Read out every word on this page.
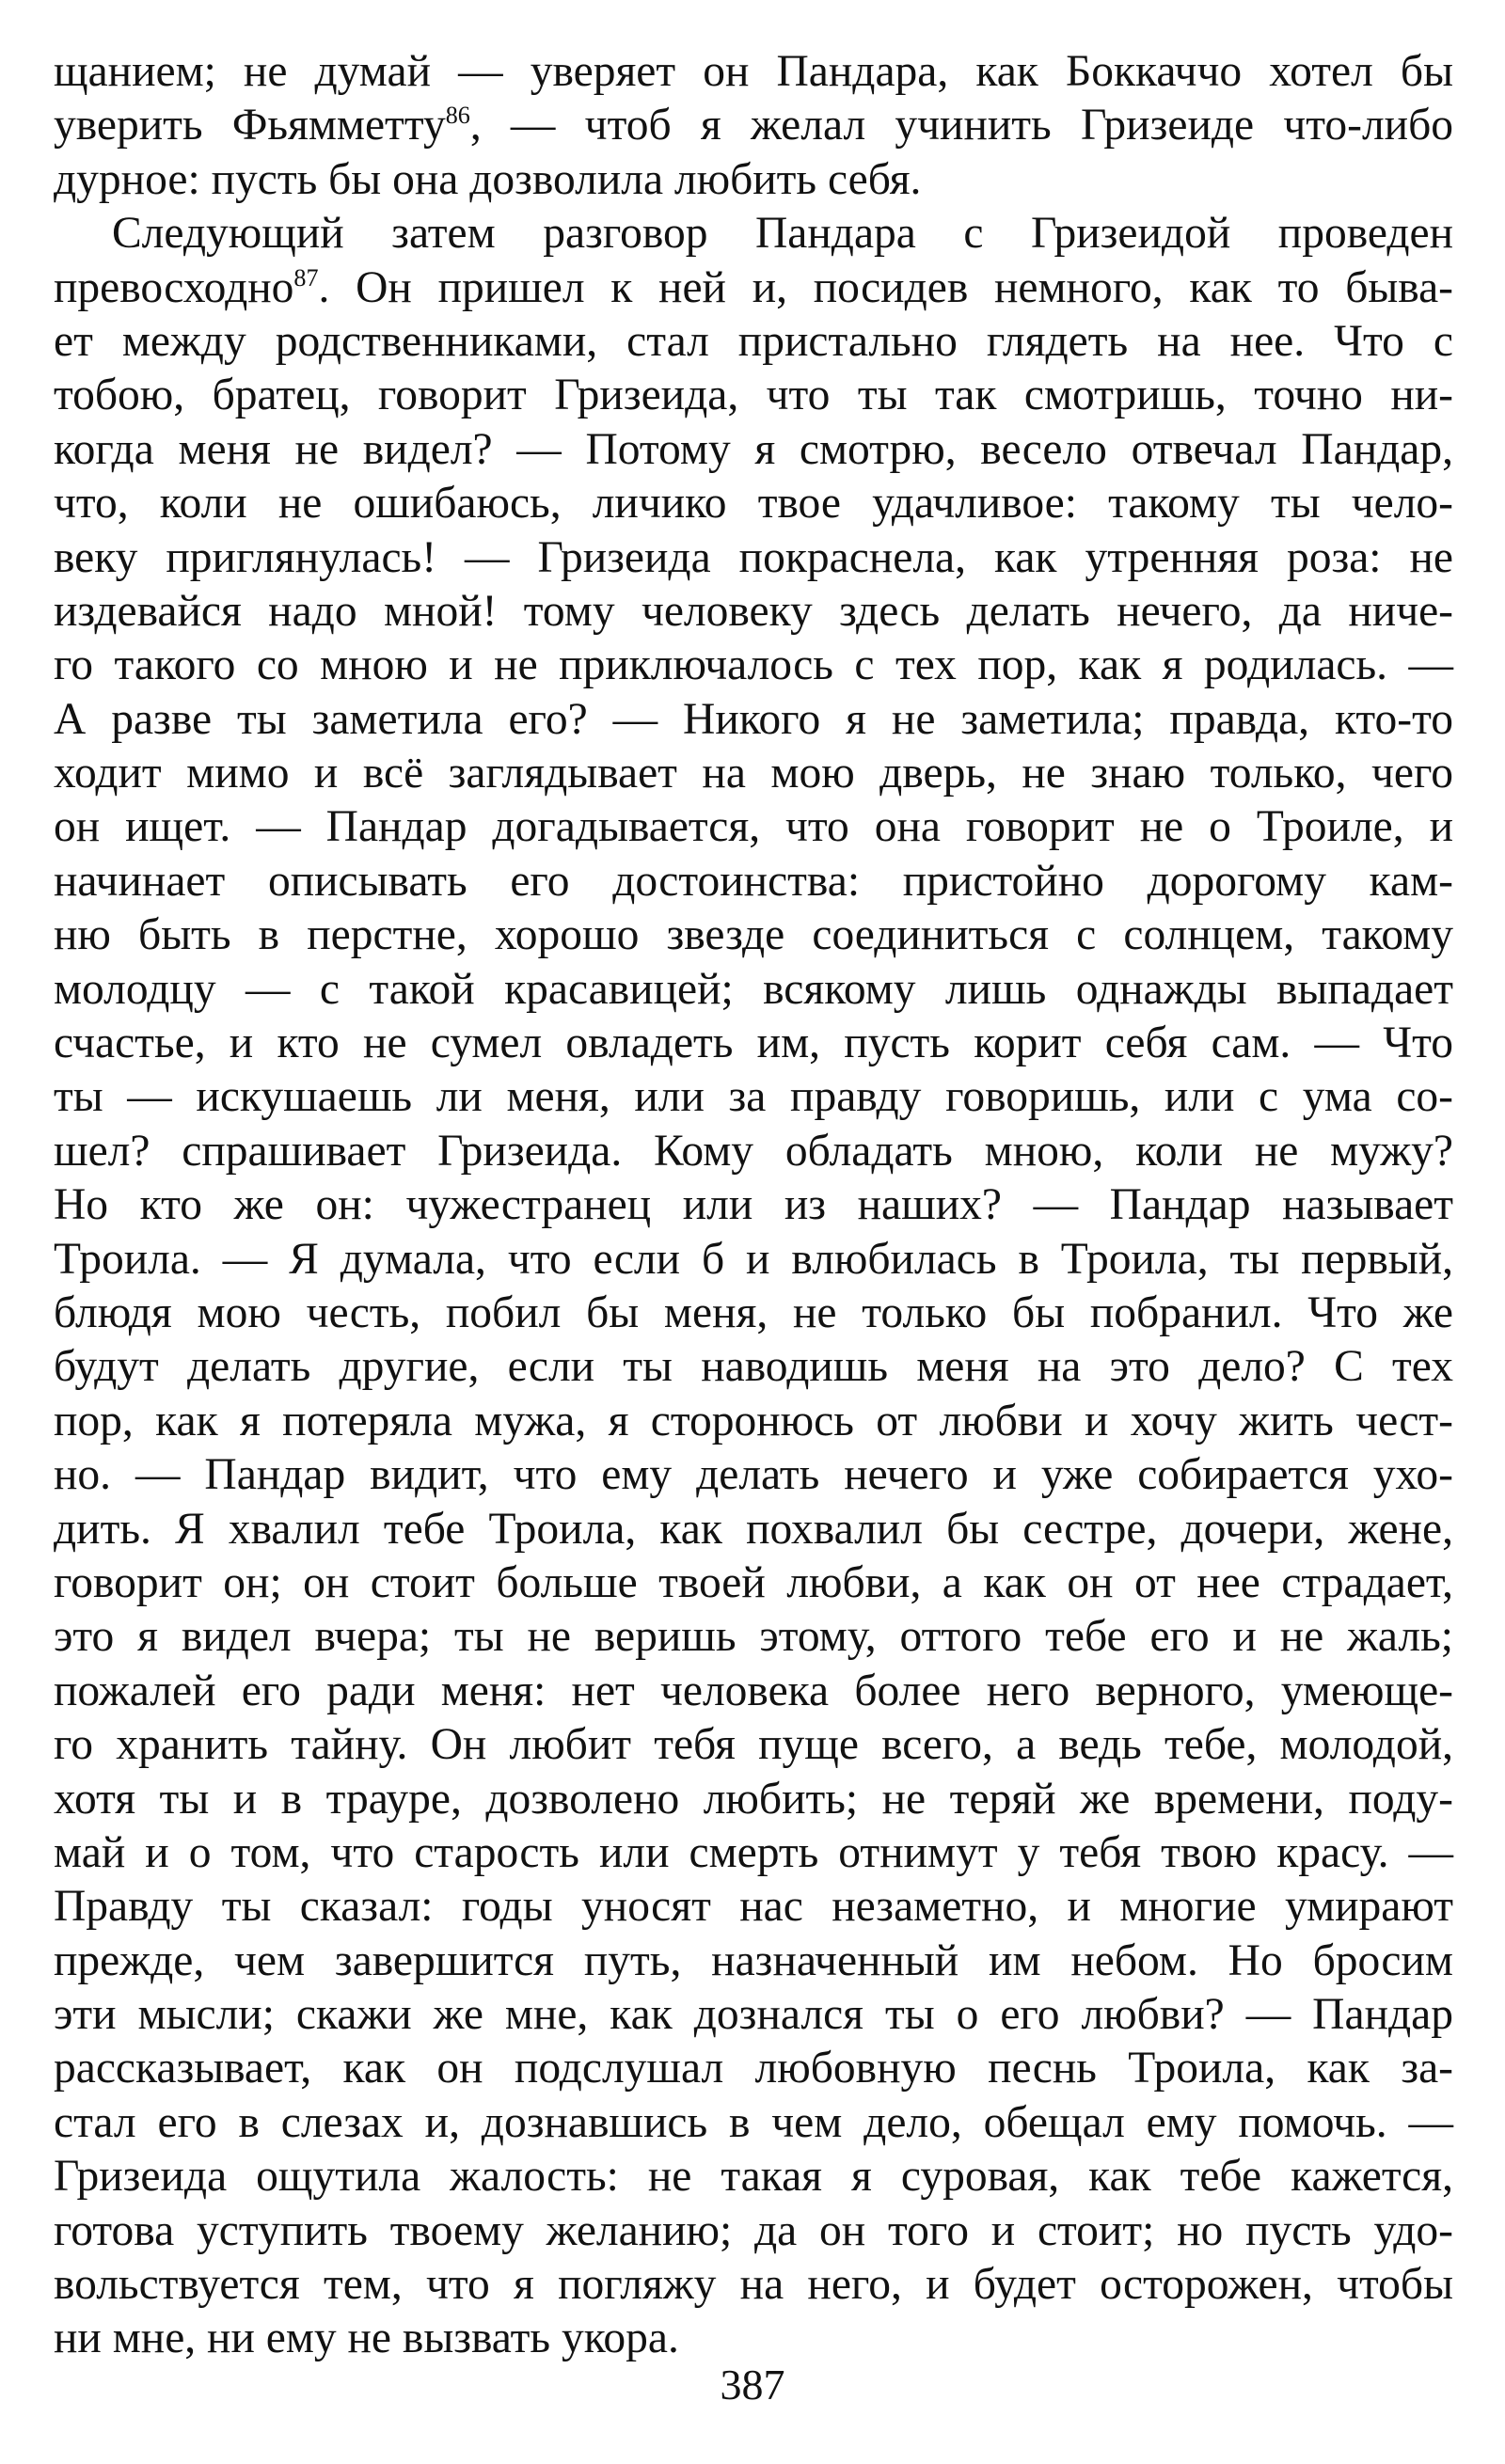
щанием; не думай — уверяет он Пандара, как Боккаччо хотел бы
уверить Фьямметту$^{86}$, — чтоб я желал учинить Гризеиде что-либо
дурное: пусть бы она дозволила любить себя.
Следующий затем разговор Пандара с Гризеидой проведен
превосходно$^{87}$. Он пришел к ней и, посидев немного, как то быва-
ет между родственниками, стал пристально глядеть на нее. Что с
тобою, братец, говорит Гризеида, что ты так смотришь, точно ни-
когда меня не видел? — Потому я смотрю, весело отвечал Пандар,
что, коли не ошибаюсь, личико твое удачливое: такому ты чело-
веку приглянулась! — Гризеида покраснела, как утренняя роза: не
издевайся надо мной! тому человеку здесь делать нечего, да ниче-
го такого со мною и не приключалось с тех пор, как я родилась. —
А разве ты заметила его? — Никого я не заметила; правда, кто-то
ходит мимо и всё заглядывает на мою дверь, не знаю только, чего
он ищет. — Пандар догадывается, что она говорит не о Троиле, и
начинает описывать его достоинства: пристойно дорогому кам-
ню быть в перстне, хорошо звезде соединиться с солнцем, такому
молодцу — с такой красавицей; всякому лишь однажды выпадает
счастье, и кто не сумел овладеть им, пусть корит себя сам. — Что
ты — искушаешь ли меня, или за правду говоришь, или с ума со-
шел? спрашивает Гризеида. Кому обладать мною, коли не мужу?
Но кто же он: чужестранец или из наших? — Пандар называет
Троила. — Я думала, что если б и влюбилась в Троила, ты первый,
блюдя мою честь, побил бы меня, не только бы побранил. Что же
будут делать другие, если ты наводишь меня на это дело? С тех
пор, как я потеряла мужа, я сторонюсь от любви и хочу жить чест-
но. — Пандар видит, что ему делать нечего и уже собирается ухо-
дить. Я хвалил тебе Троила, как похвалил бы сестре, дочери, жене,
говорит он; он стоит больше твоей любви, а как он от нее страдает,
это я видел вчера; ты не веришь этому, оттого тебе его и не жаль;
пожалей его ради меня: нет человека более него верного, умеюще-
го хранить тайну. Он любит тебя пуще всего, а ведь тебе, молодой,
хотя ты и в трауре, дозволено любить; не теряй же времени, поду-
май и о том, что старость или смерть отнимут у тебя твою красу. —
Правду ты сказал: годы уносят нас незаметно, и многие умирают
прежде, чем завершится путь, назначенный им небом. Но бросим
эти мысли; скажи же мне, как дознался ты о его любви? — Пандар
рассказывает, как он подслушал любовную песнь Троила, как за-
стал его в слезах и, дознавшись в чем дело, обещал ему помочь. —
Гризеида ощутила жалость: не такая я суровая, как тебе кажется,
готова уступить твоему желанию; да он того и стоит; но пусть удо-
вольствуется тем, что я погляжу на него, и будет осторожен, чтобы
ни мне, ни ему не вызвать укора.
387
